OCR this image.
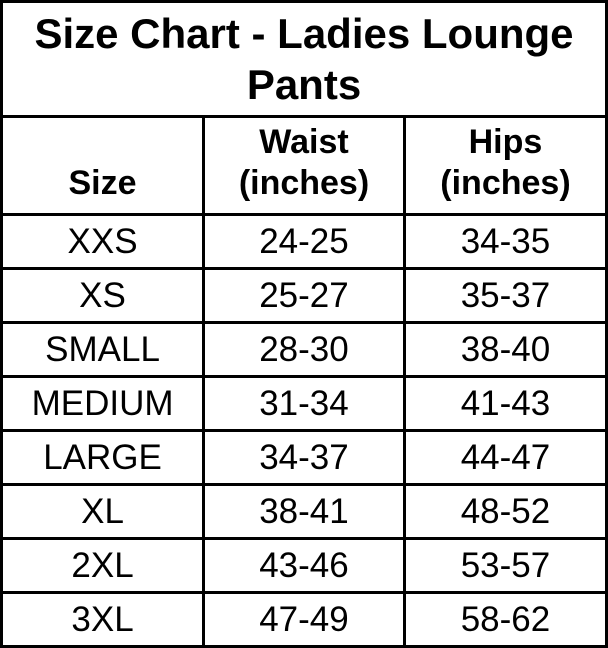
Size Chart - Ladies Lounge Pants		
Size	Waist (inches)	Hips (inches)
XXS	24-25	34-35
XS	25-27	35-37
SMALL	28-30	38-40
MEDIUM	31-34	41-43
LARGE	34-37	44-47
XL	38-41	48-52
2XL	43-46	53-57
3XL	47-49	58-62
